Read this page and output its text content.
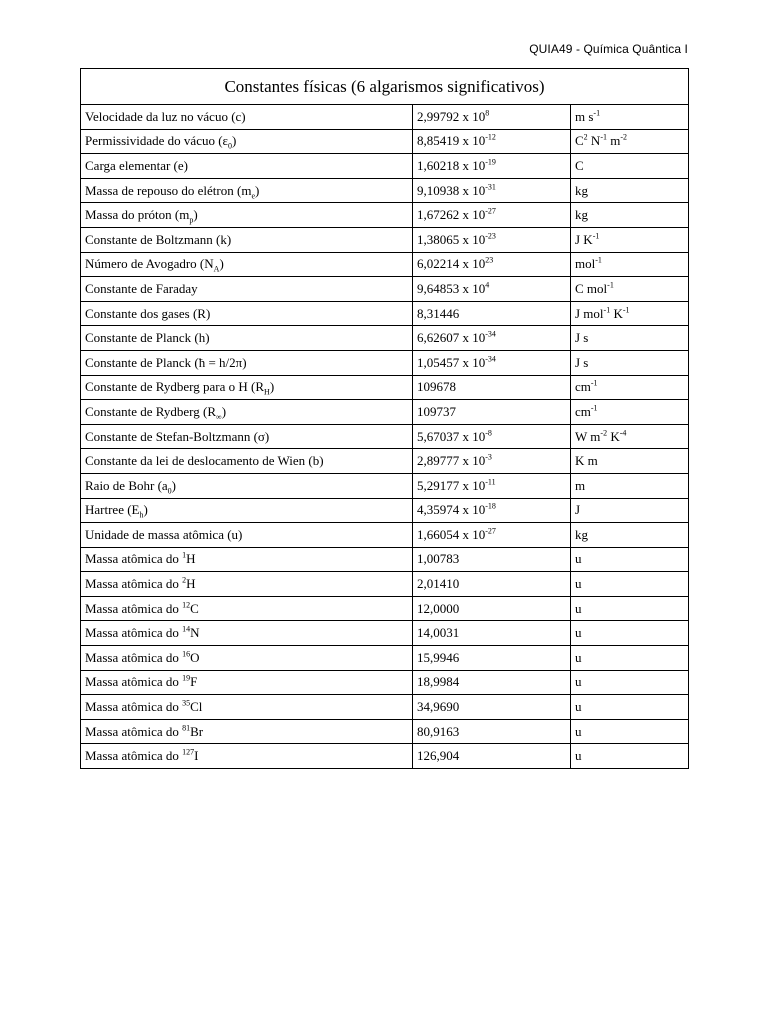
QUIA49 - Química Quântica I
Constantes físicas (6 algarismos significativos)		
Velocidade da luz no vácuo (c)	2,99792 x $10^8$	m $s^{-1}$
Permissividade do vácuo $(\varepsilon_0)$	8,85419 x $10^{-12}$	$C^2$ $N^{-1}$ $m^{-2}$
Carga elementar (e)	1,60218 x $10^{-19}$	C
Massa de repouso do elétron $(m_e)$	9,10938 x $10^{-31}$	kg
Massa do próton $(m_p)$	1,67262 x $10^{-27}$	kg
Constante de Boltzmann (k)	1,38065 x $10^{-23}$	J $K^{-1}$
Número de Avogadro $(N_A)$	6,02214 x $10^{23}$	mol$^{-1}$
Constante de Faraday	9,64853 x $10^4$	C mol$^{-1}$
Constante dos gases (R)	8,31446	J mol$^{-1}$ $K^{-1}$
Constante de Planck (h)	6,62607 x $10^{-34}$	J s
Constante de Planck (ħ = h/2π)	1,05457 x $10^{-34}$	J s
Constante de Rydberg para o H $(R_H)$	109678	$cm^{-1}$
Constante de Rydberg $(R_\infty)$	109737	$cm^{-1}$
Constante de Stefan-Boltzmann (σ)	5,67037 x $10^{-8}$	W $m^{-2}$ $K^{-4}$
Constante da lei de deslocamento de Wien (b)	2,89777 x $10^{-3}$	K m
Raio de Bohr $(a_0)$	5,29177 x $10^{-11}$	m
Hartree $(E_h)$	4,35974 x $10^{-18}$	J
Unidade de massa atômica (u)	1,66054 x $10^{-27}$	kg
Massa atômica do $^1$H	1,00783	u
Massa atômica do $^2$H	2,01410	u
Massa atômica do $^{12}$C	12,0000	u
Massa atômica do $^{14}$N	14,0031	u
Massa atômica do $^{16}$O	15,9946	u
Massa atômica do $^{19}$F	18,9984	u
Massa atômica do $^{35}$Cl	34,9690	u
Massa atômica do $^{81}$Br	80,9163	u
Massa atômica do $^{127}$I	126,904	u
